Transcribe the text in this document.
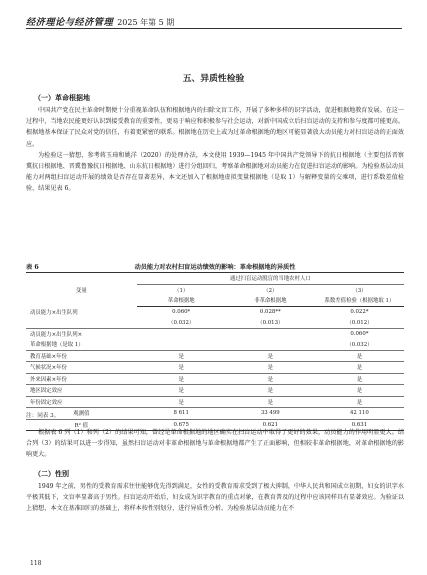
经济理论与经济管理 2025 年第 5 期
五、异质性检验
（一）革命根据地

中国共产党在民主革命时期便十分重视革命队伍和根据地内的扫除文盲工作，开展了多种多样的识字活动，促进根据地教育发展。在这一过程中，当地农民能更好认识到接受教育的重要性，更易于响应和积极参与社会运动，对新中国成立后扫盲运动的支持和参与度都可能更高。根据地基本保证了民众对党的信任，有着更紧密的联系。根据地在历史上或为过革命根据地的地区可能显著放大动员能力对扫盲运动的正面效应。

为检验这一猜想，参考蒋玉琦和姚洋（2020）的处理办法，本文使用 1939—1945 年中国共产党领导下的抗日根据地（主要包括晋察冀抗日根据地、晋冀鲁豫抗日根据地、山东抗日根据地）进行分组回归，考察革命根据地对动员能力在促进扫盲运动的影响。为检验基层动员能力对两组扫盲运动开展的绩效是否存在显著差异，本文还加入了根据地虚拟变量根据地（是取 1）与解释变量的交乘项，进行系数差值检验，结果见表 6。

表 6	动员能力对农村扫盲运动绩效的影响：革命根据地的异质性
变量	通过扫盲运动脱盲的当地农村人口		
	（1）	（2）	（3）
	革命根据地	非革命根据地	系数差值检验（根据地取 1）
动员能力×出生队列	0.060*	0.028**	0.022*
	（0.032）	（0.013）	（0.012）
动员能力×出生队列×			0.060*
革命根据地（是取 1）			（0.032）
教育基础×年份	是	是	是
气候状况×年份	是	是	是
外来因素×年份	是	是	是
地区固定效应	是	是	是
年份固定效应	是	是	是
观测值	8 611	33 499	42 110
R² 值	0.675	0.621	0.631
注：同表 3。

根据表 6 列（1）和列（2）的结果可知，曾经是革命根据地的地区确实在扫盲运动中取得了更好的效果，动员能力的作用明显更大。结合列（3）的结果可以进一步得知，虽然扫盲运动对非革命根据地与革命根据地都产生了正面影响，但相较非革命根据地，对革命根据地的影响更大。

（二）性别

1949 年之前，男性的受教育需求往往能够优先得到满足，女性的受教育需求受到了极大抑制，中华人民共和国成立初期，妇女的识字水平极其低下，文盲率显著高于男性。扫盲运动开始后，妇女成为识字教育的重点对象，在教育普及的过程中应该同样具有显著效应。为验证以上猜想，本文在基准回归的基础上，将样本按性别划分，进行异质性分析。为检验基层动员能力在不

118
